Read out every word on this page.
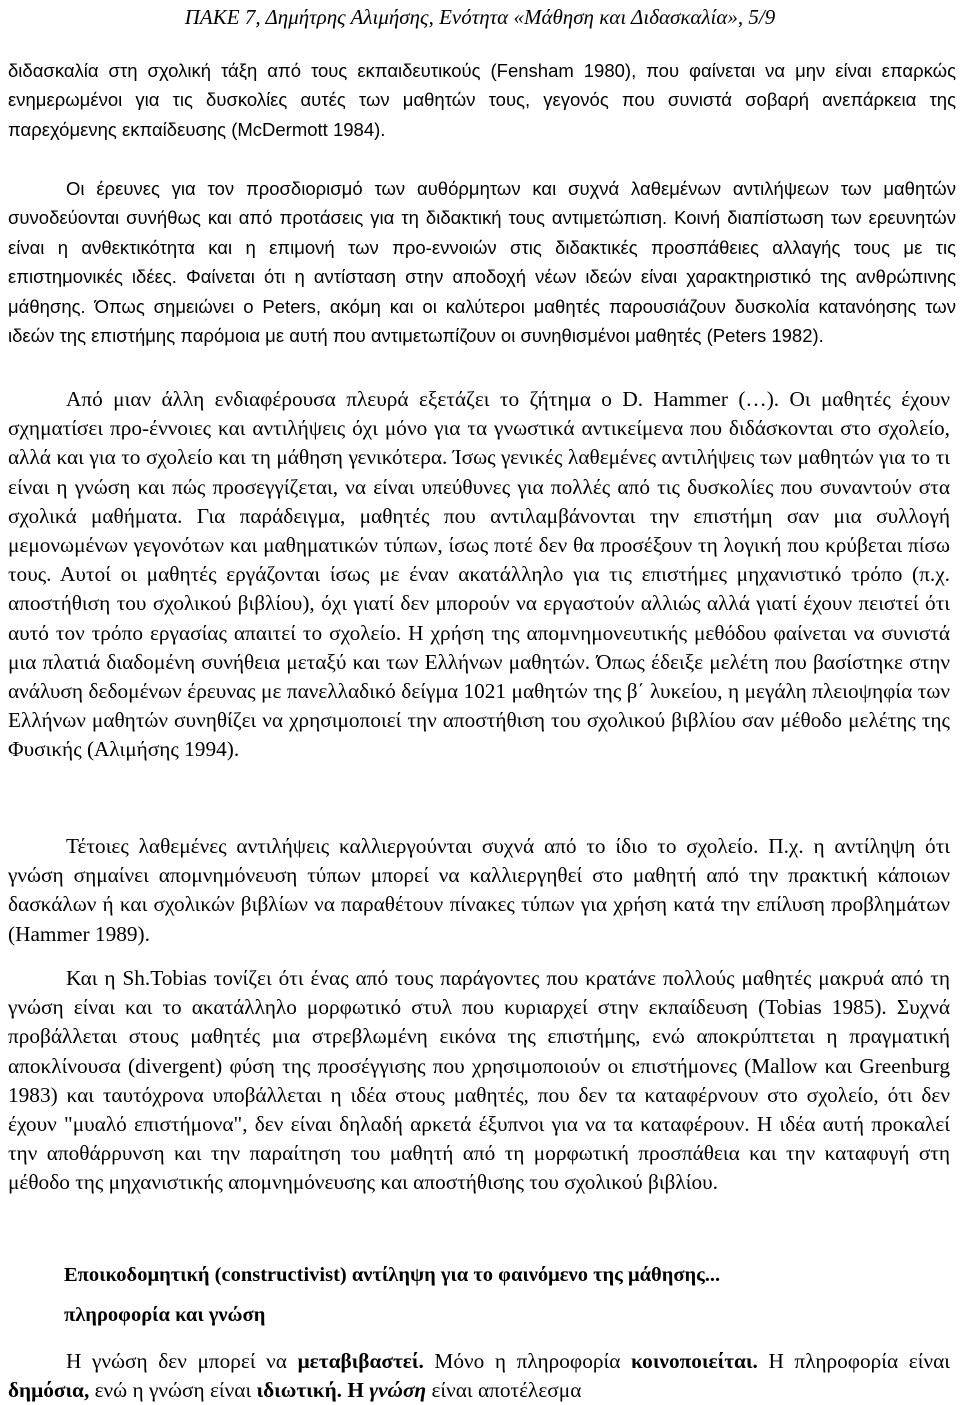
ΠΑΚΕ 7, Δημήτρης Αλιμήσης, Ενότητα «Μάθηση και Διδασκαλία», 5/9

διδασκαλία στη σχολική τάξη από τους εκπαιδευτικούς (Fensham 1980), που φαίνεται να μην είναι επαρκώς ενημερωμένοι για τις δυσκολίες αυτές των μαθητών τους, γεγονός που συνιστά σοβαρή ανεπάρκεια της παρεχόμενης εκπαίδευσης (McDermott 1984).

Οι έρευνες για τον προσδιορισμό των αυθόρμητων και συχνά λαθεμένων αντιλήψεων των μαθητών συνοδεύονται συνήθως και από προτάσεις για τη διδακτική τους αντιμετώπιση. Κοινή διαπίστωση των ερευνητών είναι η ανθεκτικότητα και η επιμονή των προ-εννοιών στις διδακτικές προσπάθειες αλλαγής τους με τις επιστημονικές ιδέες. Φαίνεται ότι η αντίσταση στην αποδοχή νέων ιδεών είναι χαρακτηριστικό της ανθρώπινης μάθησης. Όπως σημειώνει ο Peters, ακόμη και οι καλύτεροι μαθητές παρουσιάζουν δυσκολία κατανόησης των ιδεών της επιστήμης παρόμοια με αυτή που αντιμετωπίζουν οι συνηθισμένοι μαθητές (Peters 1982).

Από μιαν άλλη ενδιαφέρουσα πλευρά εξετάζει το ζήτημα ο D. Hammer (…). Οι μαθητές έχουν σχηματίσει προ-έννοιες και αντιλήψεις όχι μόνο για τα γνωστικά αντικείμενα που διδάσκονται στο σχολείο, αλλά και για το σχολείο και τη μάθηση γενικότερα. Ίσως γενικές λαθεμένες αντιλήψεις των μαθητών για το τι είναι η γνώση και πώς προσεγγίζεται, να είναι υπεύθυνες για πολλές από τις δυσκολίες που συναντούν στα σχολικά μαθήματα. Για παράδειγμα, μαθητές που αντιλαμβάνονται την επιστήμη σαν μια συλλογή μεμονωμένων γεγονότων και μαθηματικών τύπων, ίσως ποτέ δεν θα προσέξουν τη λογική που κρύβεται πίσω τους. Αυτοί οι μαθητές εργάζονται ίσως με έναν ακατάλληλο για τις επιστήμες μηχανιστικό τρόπο (π.χ. αποστήθιση του σχολικού βιβλίου), όχι γιατί δεν μπορούν να εργαστούν αλλιώς αλλά γιατί έχουν πειστεί ότι αυτό τον τρόπο εργασίας απαιτεί το σχολείο. Η χρήση της απομνημονευτικής μεθόδου φαίνεται να συνιστά μια πλατιά διαδομένη συνήθεια μεταξύ και των Ελλήνων μαθητών. Όπως έδειξε μελέτη που βασίστηκε στην ανάλυση δεδομένων έρευνας με πανελλαδικό δείγμα 1021 μαθητών της β΄ λυκείου, η μεγάλη πλειοψηφία των Ελλήνων μαθητών συνηθίζει να χρησιμοποιεί την αποστήθιση του σχολικού βιβλίου σαν μέθοδο μελέτης της Φυσικής (Αλιμήσης 1994).

Τέτοιες λαθεμένες αντιλήψεις καλλιεργούνται συχνά από το ίδιο το σχολείο. Π.χ. η αντίληψη ότι γνώση σημαίνει απομνημόνευση τύπων μπορεί να καλλιεργηθεί στο μαθητή από την πρακτική κάποιων δασκάλων ή και σχολικών βιβλίων να παραθέτουν πίνακες τύπων για χρήση κατά την επίλυση προβλημάτων (Hammer 1989).

Και η Sh.Tobias τονίζει ότι ένας από τους παράγοντες που κρατάνε πολλούς μαθητές μακρυά από τη γνώση είναι και το ακατάλληλο μορφωτικό στυλ που κυριαρχεί στην εκπαίδευση (Tobias 1985). Συχνά προβάλλεται στους μαθητές μια στρεβλωμένη εικόνα της επιστήμης, ενώ αποκρύπτεται η πραγματική αποκλίνουσα (divergent) φύση της προσέγγισης που χρησιμοποιούν οι επιστήμονες (Mallow και Greenburg 1983) και ταυτόχρονα υποβάλλεται η ιδέα στους μαθητές, που δεν τα καταφέρνουν στο σχολείο, ότι δεν έχουν "μυαλό επιστήμονα", δεν είναι δηλαδή αρκετά έξυπνοι για να τα καταφέρουν. Η ιδέα αυτή προκαλεί την αποθάρρυνση και την παραίτηση του μαθητή από τη μορφωτική προσπάθεια και την καταφυγή στη μέθοδο της μηχανιστικής απομνημόνευσης και αποστήθισης του σχολικού βιβλίου.

Εποικοδομητική (constructivist) αντίληψη για το φαινόμενο της μάθησης...
πληροφορία και γνώση

Η γνώση δεν μπορεί να μεταβιβαστεί. Μόνο η πληροφορία κοινοποιείται. Η πληροφορία είναι δημόσια, ενώ η γνώση είναι ιδιωτική. Η γνώση είναι αποτέλεσμα
